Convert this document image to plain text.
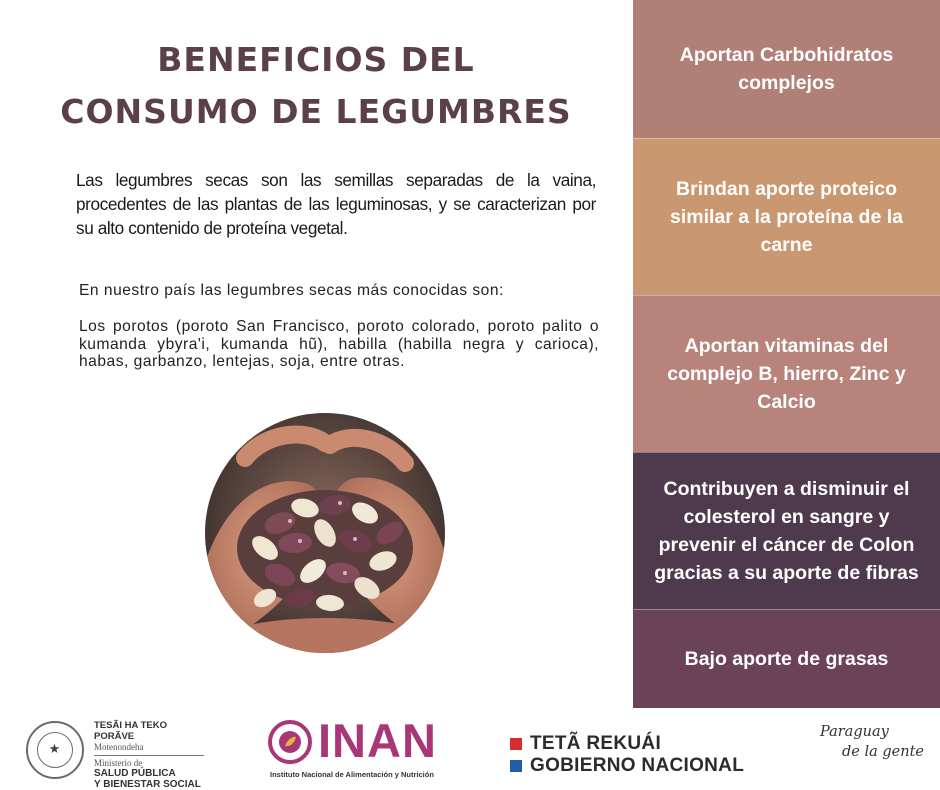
BENEFICIOS DEL
CONSUMO DE LEGUMBRES
Las legumbres secas son las semillas separadas de la vaina, procedentes de las plantas de las leguminosas, y se caracterizan por su alto contenido de proteína vegetal.
En nuestro país las legumbres secas más conocidas son:
Los porotos (poroto San Francisco, poroto colorado, poroto palito o kumanda ybyra'i, kumanda hũ), habilla (habilla negra y carioca), habas, garbanzo, lentejas, soja, entre otras.
Aportan Carbohidratos complejos
Brindan aporte proteico similar a la proteína de la carne
Aportan vitaminas del complejo B, hierro, Zinc y Calcio
Contribuyen a disminuir el colesterol en sangre y prevenir el cáncer de Colon gracias a su aporte de fibras
Bajo aporte de grasas
★
TESÃI HA TEKO
PORÃVE
Motenondeha
Ministerio de
SALUD PÚBLICA
Y BIENESTAR SOCIAL
INAN
Instituto Nacional de Alimentación y Nutrición
TETÃ REKUÁI
GOBIERNO NACIONAL
Paraguay
de la gente
